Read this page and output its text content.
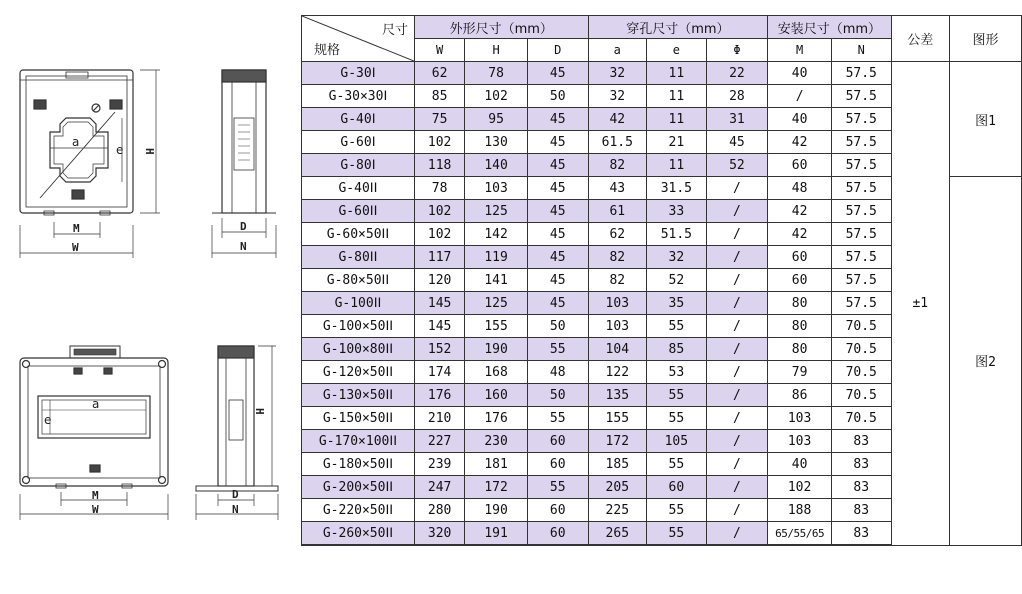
a
e H
M
W
D
N
a
e
M
W
H
D
N
尺寸
规格	外形尺寸（mm）			穿孔尺寸（mm）			安装尺寸（mm）		公差	图形
	W	H	D	a	e	Φ	M	N		
G-30Ⅰ	62	78	45	32	11	22	40	57.5	±1	图1
G-30×30Ⅰ	85	102	50	32	11	28	/	57.5		
G-40Ⅰ	75	95	45	42	11	31	40	57.5		
G-60Ⅰ	102	130	45	61.5	21	45	42	57.5		
G-80Ⅰ	118	140	45	82	11	52	60	57.5		
G-40ⅠⅠ	78	103	45	43	31.5	/	48	57.5		图2
G-60ⅠⅠ	102	125	45	61	33	/	42	57.5		
G-60×50ⅠⅠ	102	142	45	62	51.5	/	42	57.5		
G-80ⅠⅠ	117	119	45	82	32	/	60	57.5		
G-80×50ⅠⅠ	120	141	45	82	52	/	60	57.5		
G-100ⅠⅠ	145	125	45	103	35	/	80	57.5		
G-100×50ⅠⅠ	145	155	50	103	55	/	80	70.5		
G-100×80ⅠⅠ	152	190	55	104	85	/	80	70.5		
G-120×50ⅠⅠ	174	168	48	122	53	/	79	70.5		
G-130×50ⅠⅠ	176	160	50	135	55	/	86	70.5		
G-150×50ⅠⅠ	210	176	55	155	55	/	103	70.5		
G-170×100ⅠⅠ	227	230	60	172	105	/	103	83		
G-180×50ⅠⅠ	239	181	60	185	55	/	40	83		
G-200×50ⅠⅠ	247	172	55	205	60	/	102	83		
G-220×50ⅠⅠ	280	190	60	225	55	/	188	83		
G-260×50ⅠⅠ	320	191	60	265	55	/	65/55/65	83		
